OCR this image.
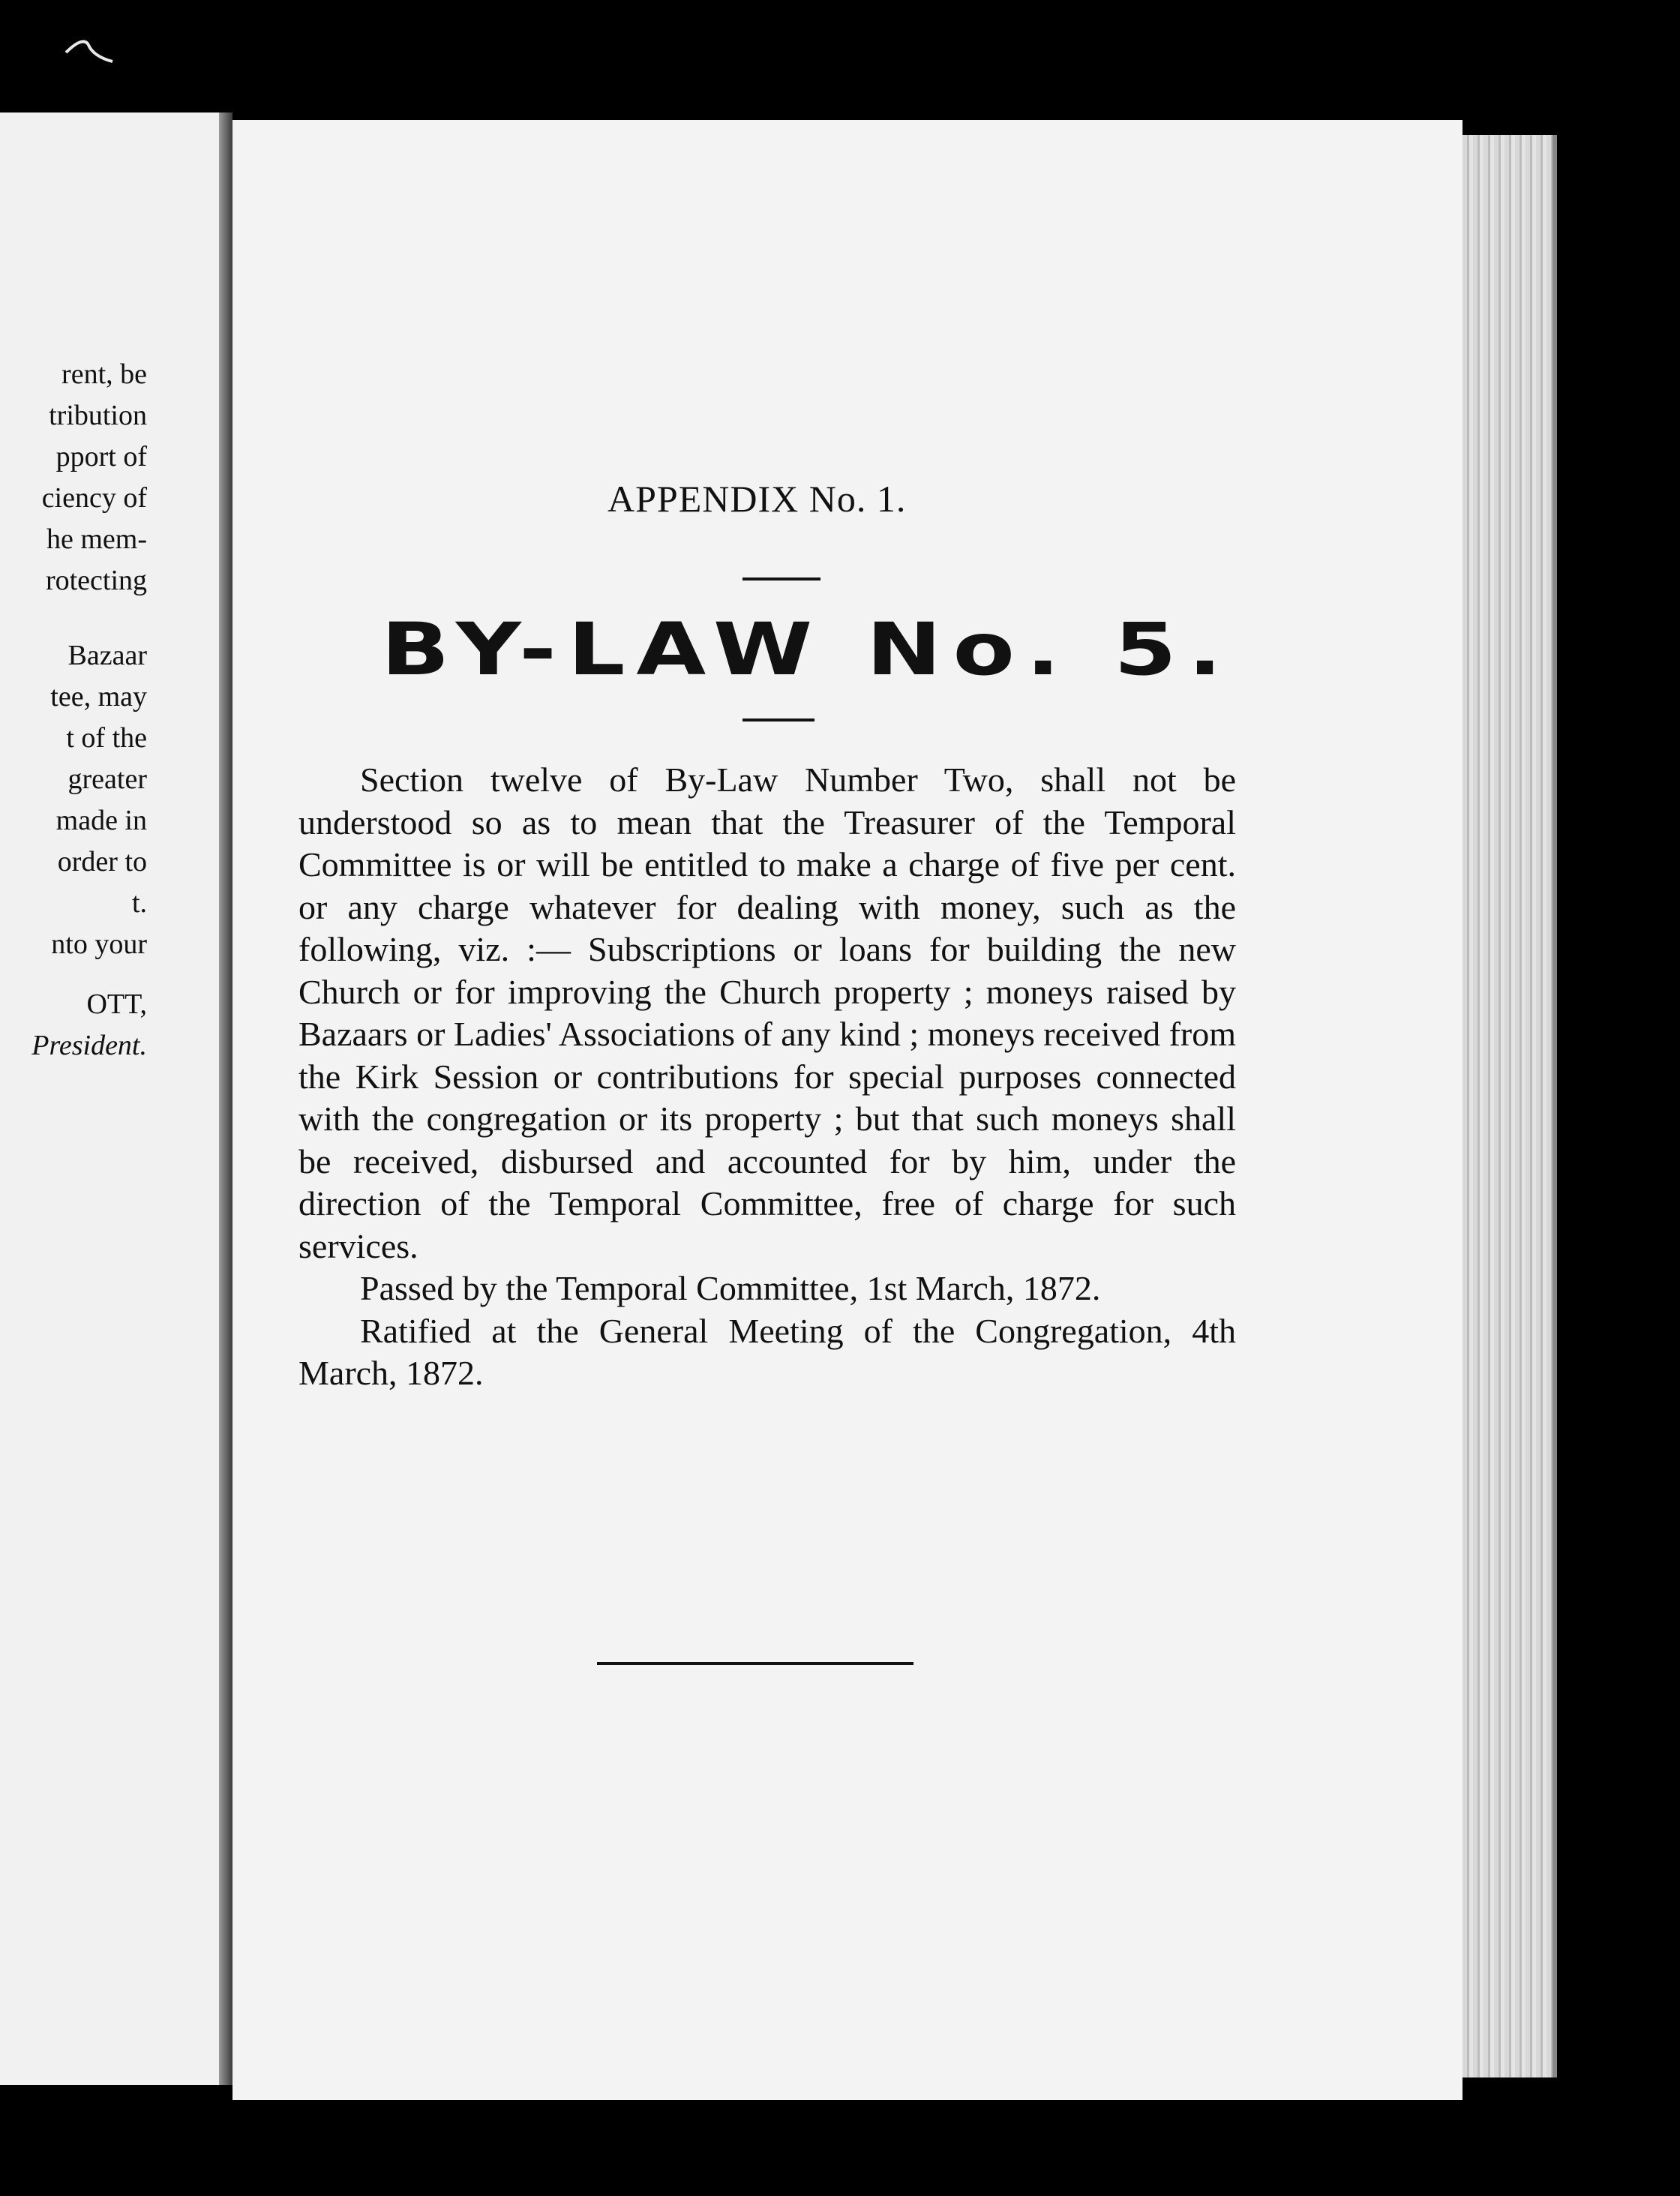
rent, be
tribution
pport of
ciency of
he mem-
rotecting
Bazaar
tee, may
t of the
greater
made in
order to
t.
nto your
OTT,
President.
APPENDIX No. 1.
BY-LAW No. 5.

Section twelve of By-Law Number Two, shall not be understood so as to mean that the Treasurer of the Temporal Committee is or will be entitled to make a charge of five per cent. or any charge whatever for dealing with money, such as the following, viz. :— Subscriptions or loans for building the new Church or for improving the Church property ; moneys raised by Bazaars or Ladies' Associations of any kind ; moneys received from the Kirk Session or contributions for special purposes connected with the congregation or its property ; but that such moneys shall be received, disbursed and accounted for by him, under the direction of the Temporal Committee, free of charge for such services.

Passed by the Temporal Committee, 1st March, 1872.

Ratified at the General Meeting of the Congregation, 4th March, 1872.
